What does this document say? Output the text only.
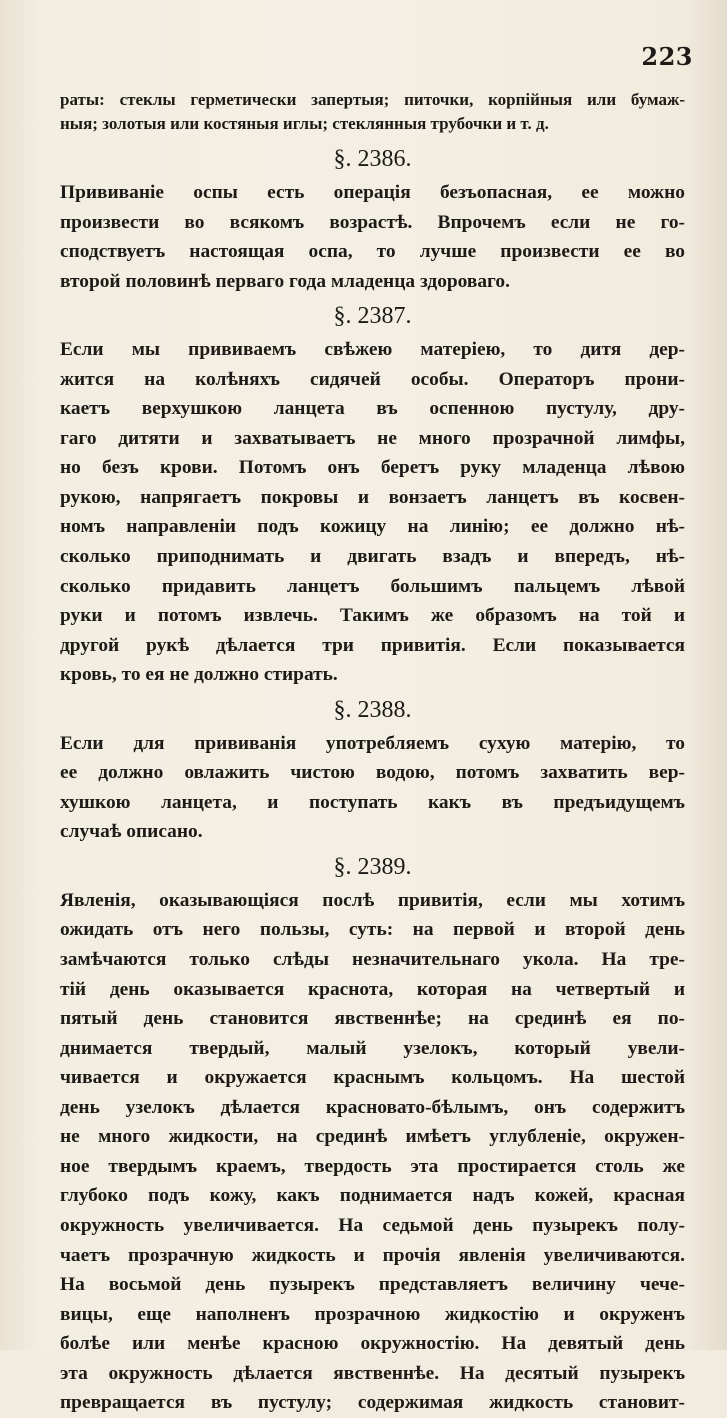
223
раты: стеклы герметически запертыя; питочки, корпійныя или бумаж-
ныя; золотыя или костяныя иглы; стеклянныя трубочки и т. д.
§. 2386.
Прививаніе оспы есть операція безъопасная, ее можно
произвести во всякомъ возрастѣ. Впрочемъ если не го-
сподствуетъ настоящая оспа, то лучше произвести ее во
второй половинѣ перваго года младенца здороваго.
§. 2387.
Если мы прививаемъ свѣжею матеріею, то дитя дер-
жится на колѣняхъ сидячей особы. Операторъ прони-
каетъ верхушкою ланцета въ оспенною пустулу, дру-
гаго дитяти и захватываетъ не много прозрачной лимфы,
но безъ крови. Потомъ онъ беретъ руку младенца лѣвою
рукою, напрягаетъ покровы и вонзаетъ ланцетъ въ косвен-
номъ направленіи подъ кожицу на линію; ее должно нѣ-
сколько приподнимать и двигать взадъ и впередъ, нѣ-
сколько придавить ланцетъ большимъ пальцемъ лѣвой
руки и потомъ извлечь. Такимъ же образомъ на той и
другой рукѣ дѣлается три привитія. Если показывается
кровь, то ея не должно стирать.
§. 2388.
Если для прививанія употребляемъ сухую матерію, то
ее должно овлажить чистою водою, потомъ захватить вер-
хушкою ланцета, и поступать какъ въ предъидущемъ
случаѣ описано.
§. 2389.
Явленія, оказывающіяся послѣ привитія, если мы хотимъ
ожидать отъ него пользы, суть: на первой и второй день
замѣчаются только слѣды незначительнаго укола. На тре-
тій день оказывается краснота, которая на четвертый и
пятый день становится явственнѣе; на срединѣ ея по-
днимается твердый, малый узелокъ, который увели-
чивается и окружается краснымъ кольцомъ. На шестой
день узелокъ дѣлается красновато-бѣлымъ, онъ содержитъ
не много жидкости, на срединѣ имѣетъ углубленіе, окружен-
ное твердымъ краемъ, твердость эта простирается столь же
глубоко подъ кожу, какъ поднимается надъ кожей, красная
окружность увеличивается. На седьмой день пузырекъ полу-
чаетъ прозрачную жидкость и прочія явленія увеличиваются.
На восьмой день пузырекъ представляетъ величину чече-
вицы, еще наполненъ прозрачною жидкостію и окруженъ
болѣе или менѣе красною окружностію. На девятый день
эта окружность дѣлается явственнѣе. На десятый пузырекъ
превращается въ пустулу; содержимая жидкость становит-
